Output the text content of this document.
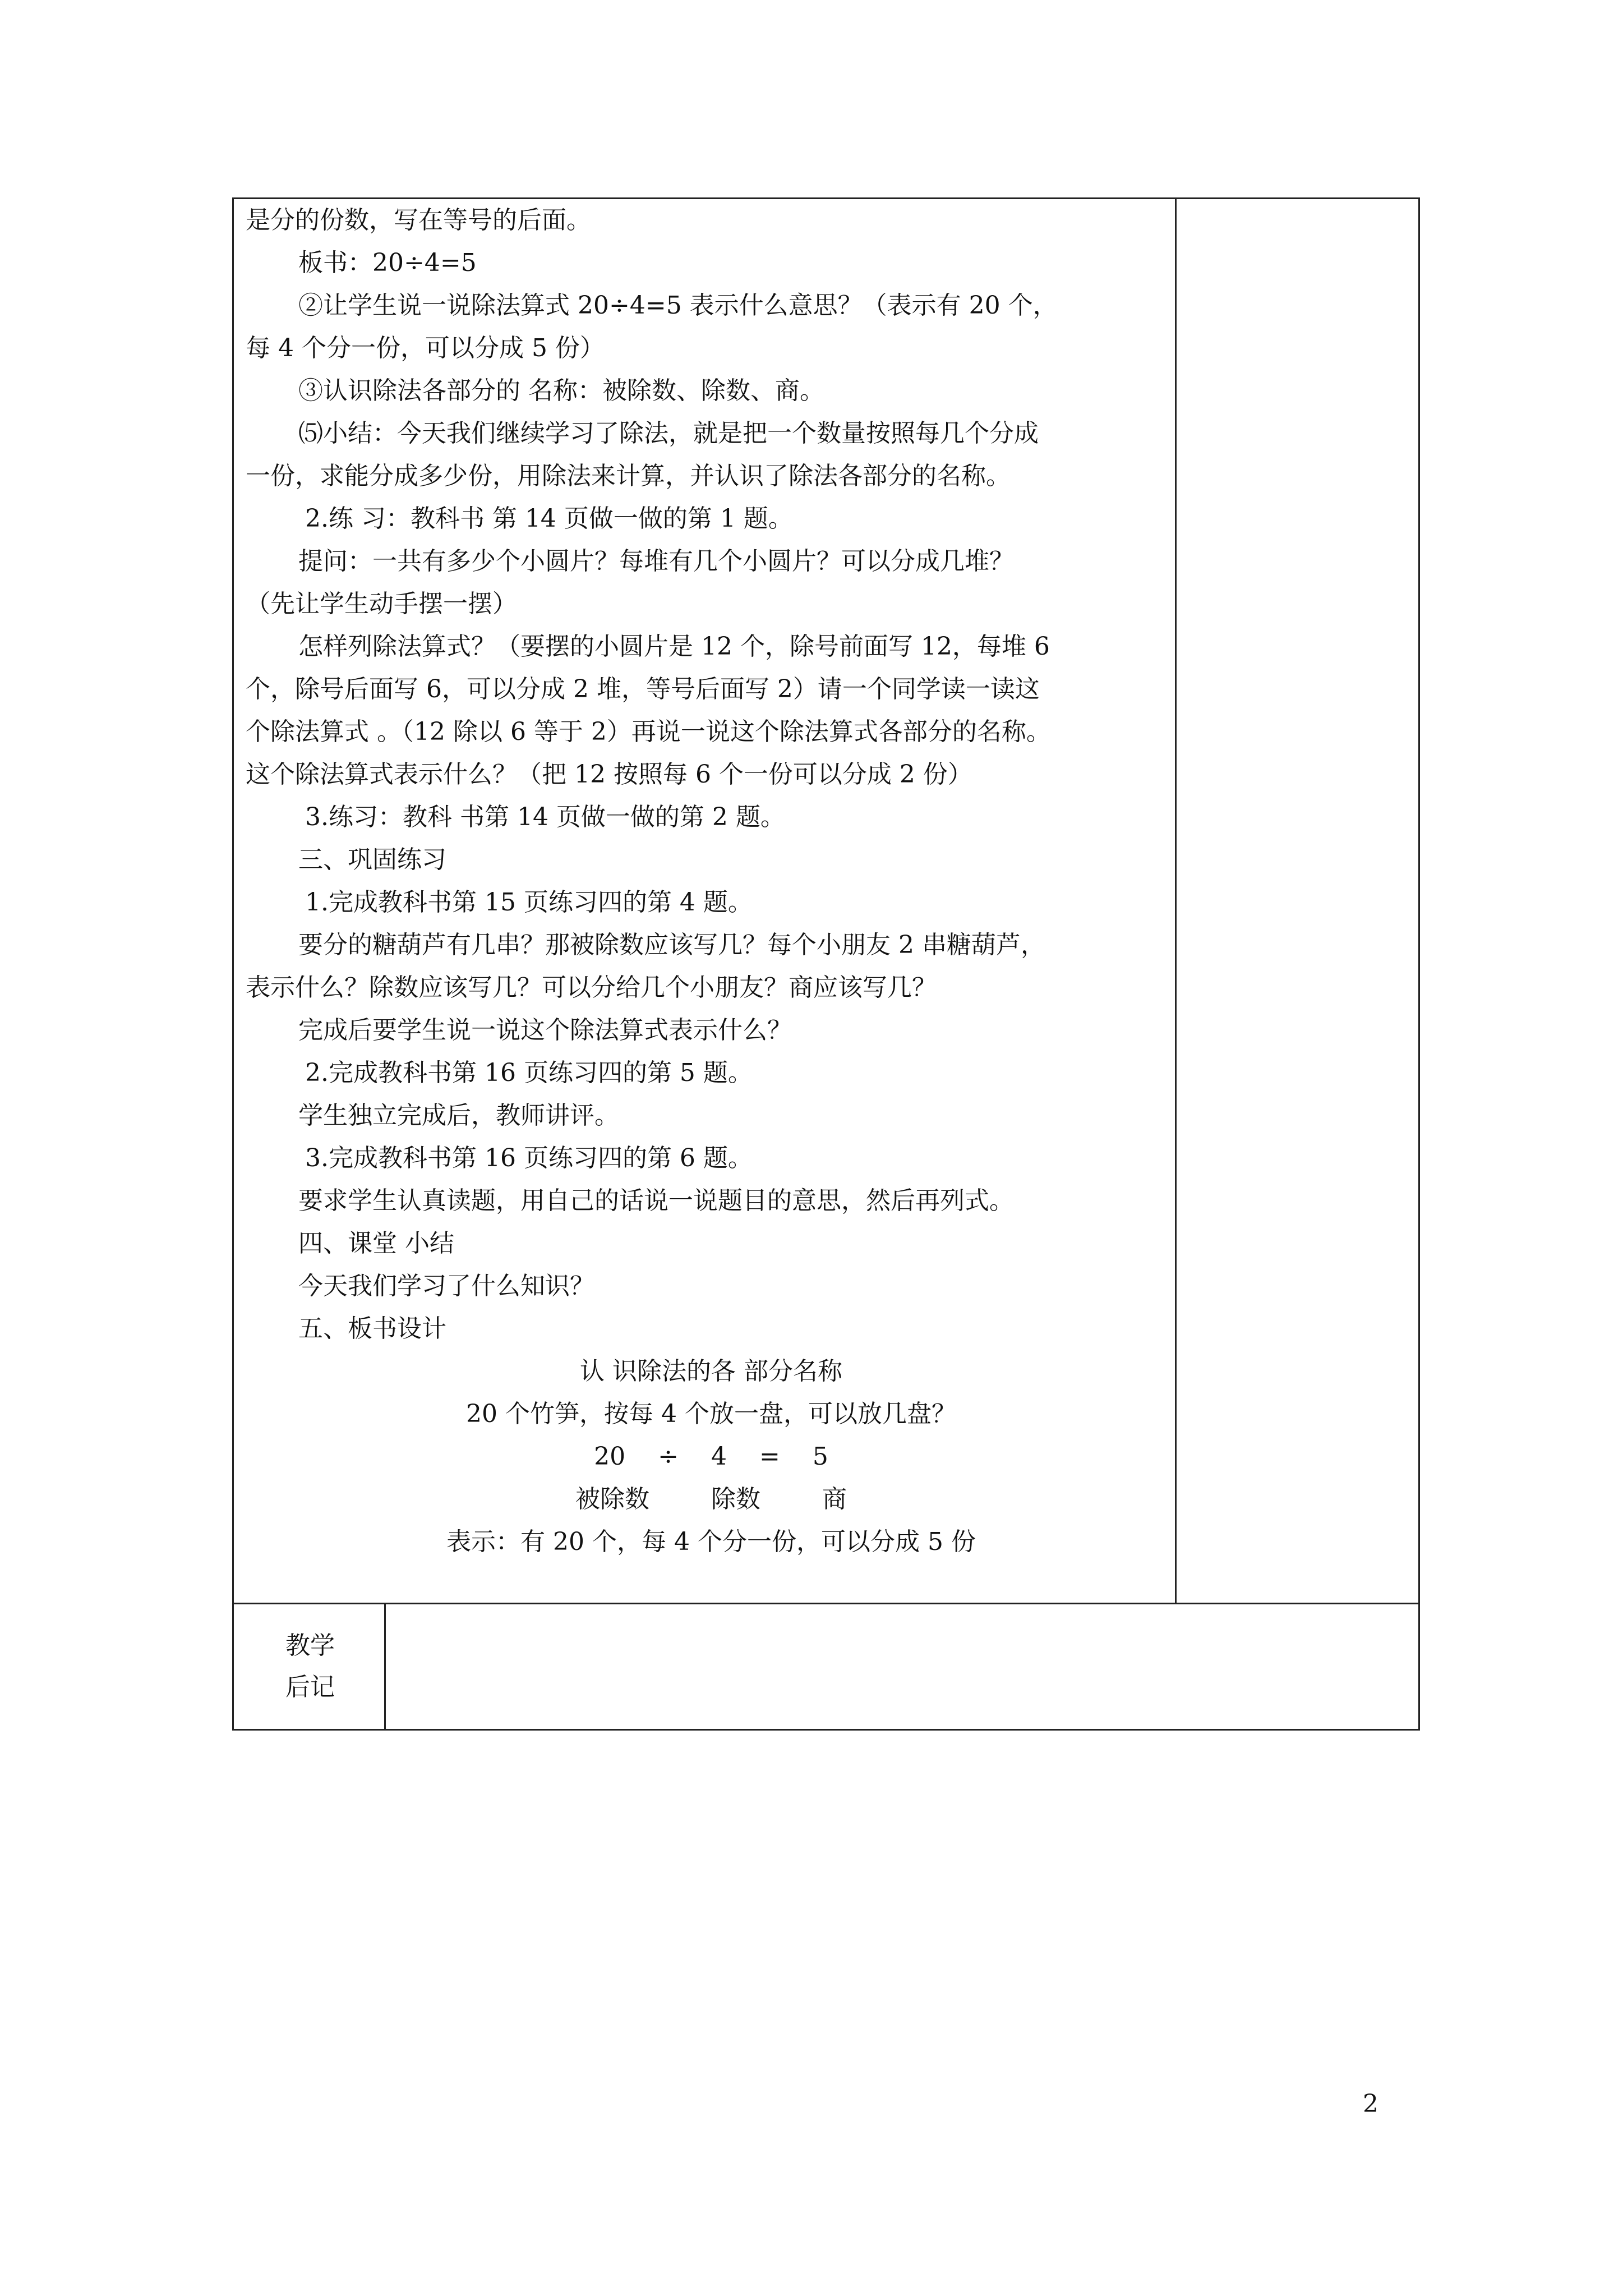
是分的份数，写在等号的后面。
板书：20÷4=5
②让学生说一说除法算式 20÷4=5 表示什么意思？（表示有 20 个，
每 4 个分一份，可以分成 5 份）
③认识除法各部分的 名称：被除数、除数、商。
⑸小结：今天我们继续学习了除法，就是把一个数量按照每几个分成
一份，求能分成多少份，用除法来计算，并认识了除法各部分的名称。
2.练 习：教科书 第 14 页做一做的第 1 题。
提问：一共有多少个小圆片？每堆有几个小圆片？可以分成几堆？
（先让学生动手摆一摆）
怎样列除法算式？（要摆的小圆片是 12 个，除号前面写 12，每堆 6
个，除号后面写 6，可以分成 2 堆，等号后面写 2）请一个同学读一读这
个除法算式 。（12 除以 6 等于 2）再说一说这个除法算式各部分的名称。
这个除法算式表示什么？（把 12 按照每 6 个一份可以分成 2 份）
3.练习：教科 书第 14 页做一做的第 2 题。
三、巩固练习
1.完成教科书第 15 页练习四的第 4 题。
要分的糖葫芦有几串？那被除数应该写几？每个小朋友 2 串糖葫芦，
表示什么？除数应该写几？可以分给几个小朋友？商应该写几？
完成后要学生说一说这个除法算式表示什么？
2.完成教科书第 16 页练习四的第 5 题。
学生独立完成后，教师讲评。
3.完成教科书第 16 页练习四的第 6 题。
要求学生认真读题，用自己的话说一说题目的意思，然后再列式。
四、课堂 小结
今天我们学习了什么知识？
五、板书设计
认 识除法的各 部分名称
20 个竹笋，按每 4 个放一盘，可以放几盘？
20 ÷ 4 = 5
被除数	除数	商
表示：有 20 个，每 4 个分一份，可以分成 5 份
教学
后记
2
